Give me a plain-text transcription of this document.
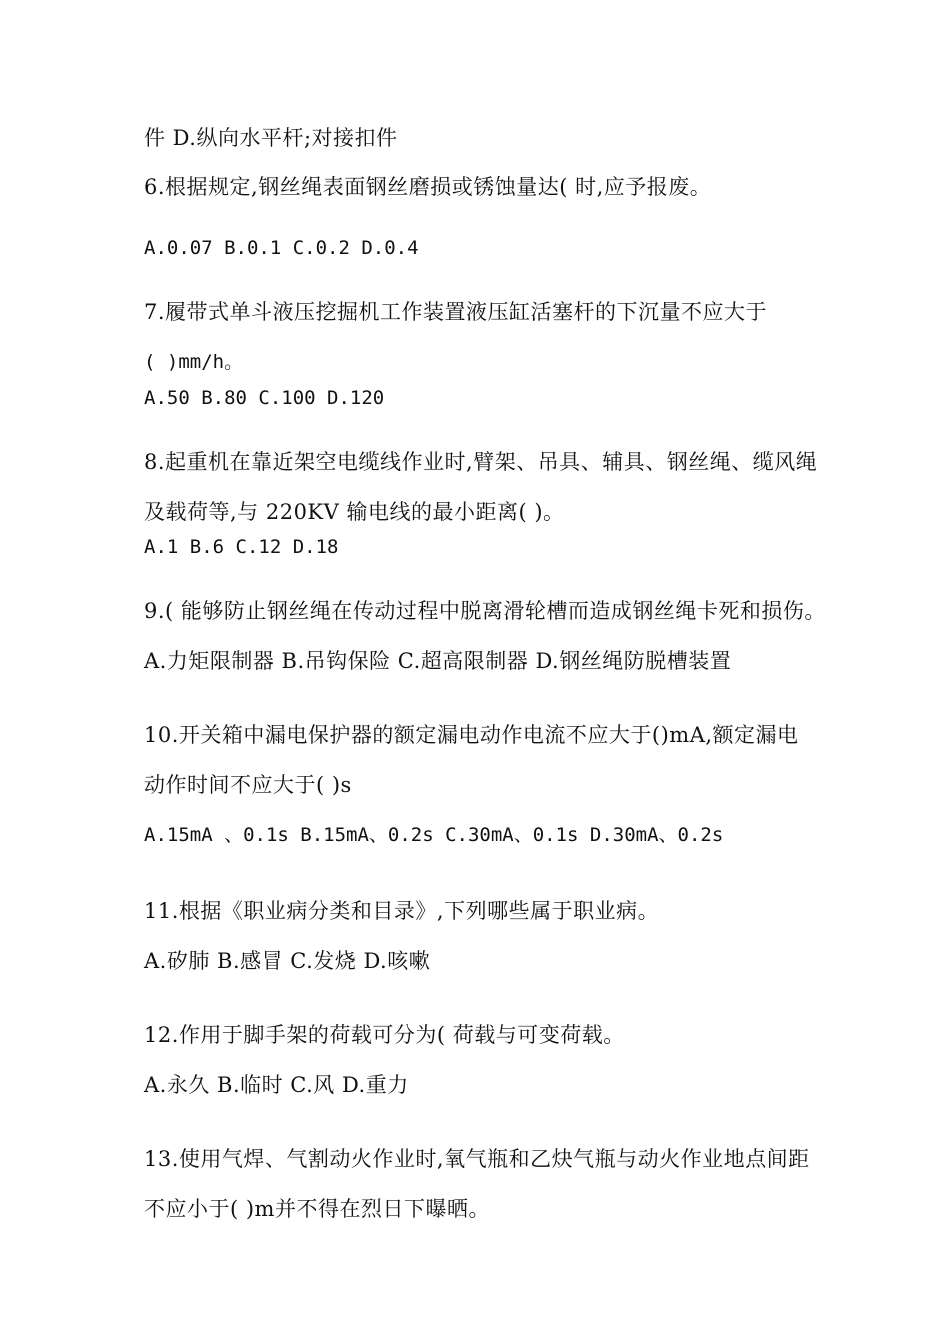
件 D.纵向水平杆;对接扣件
6.根据规定,钢丝绳表面钢丝磨损或锈蚀量达( 时,应予报废。
A.0.07 B.0.1 C.0.2 D.0.4
7.履带式单斗液压挖掘机工作装置液压缸活塞杆的下沉量不应大于
( )mm/h。
A.50 B.80 C.100 D.120
8.起重机在靠近架空电缆线作业时,臂架、吊具、辅具、钢丝绳、缆风绳
及载荷等,与 220KV 输电线的最小距离( )。
A.1 B.6 C.12 D.18
9.( 能够防止钢丝绳在传动过程中脱离滑轮槽而造成钢丝绳卡死和损伤。
A.力矩限制器 B.吊钩保险 C.超高限制器 D.钢丝绳防脱槽装置
10.开关箱中漏电保护器的额定漏电动作电流不应大于()mA,额定漏电
动作时间不应大于( )s
A.15mA 、0.1s B.15mA、0.2s C.30mA、0.1s D.30mA、0.2s
11.根据《职业病分类和目录》,下列哪些属于职业病。
A.矽肺 B.感冒 C.发烧 D.咳嗽
12.作用于脚手架的荷载可分为( 荷载与可变荷载。
A.永久 B.临时 C.风 D.重力
13.使用气焊、气割动火作业时,氧气瓶和乙炔气瓶与动火作业地点间距
不应小于( )m并不得在烈日下曝晒。
